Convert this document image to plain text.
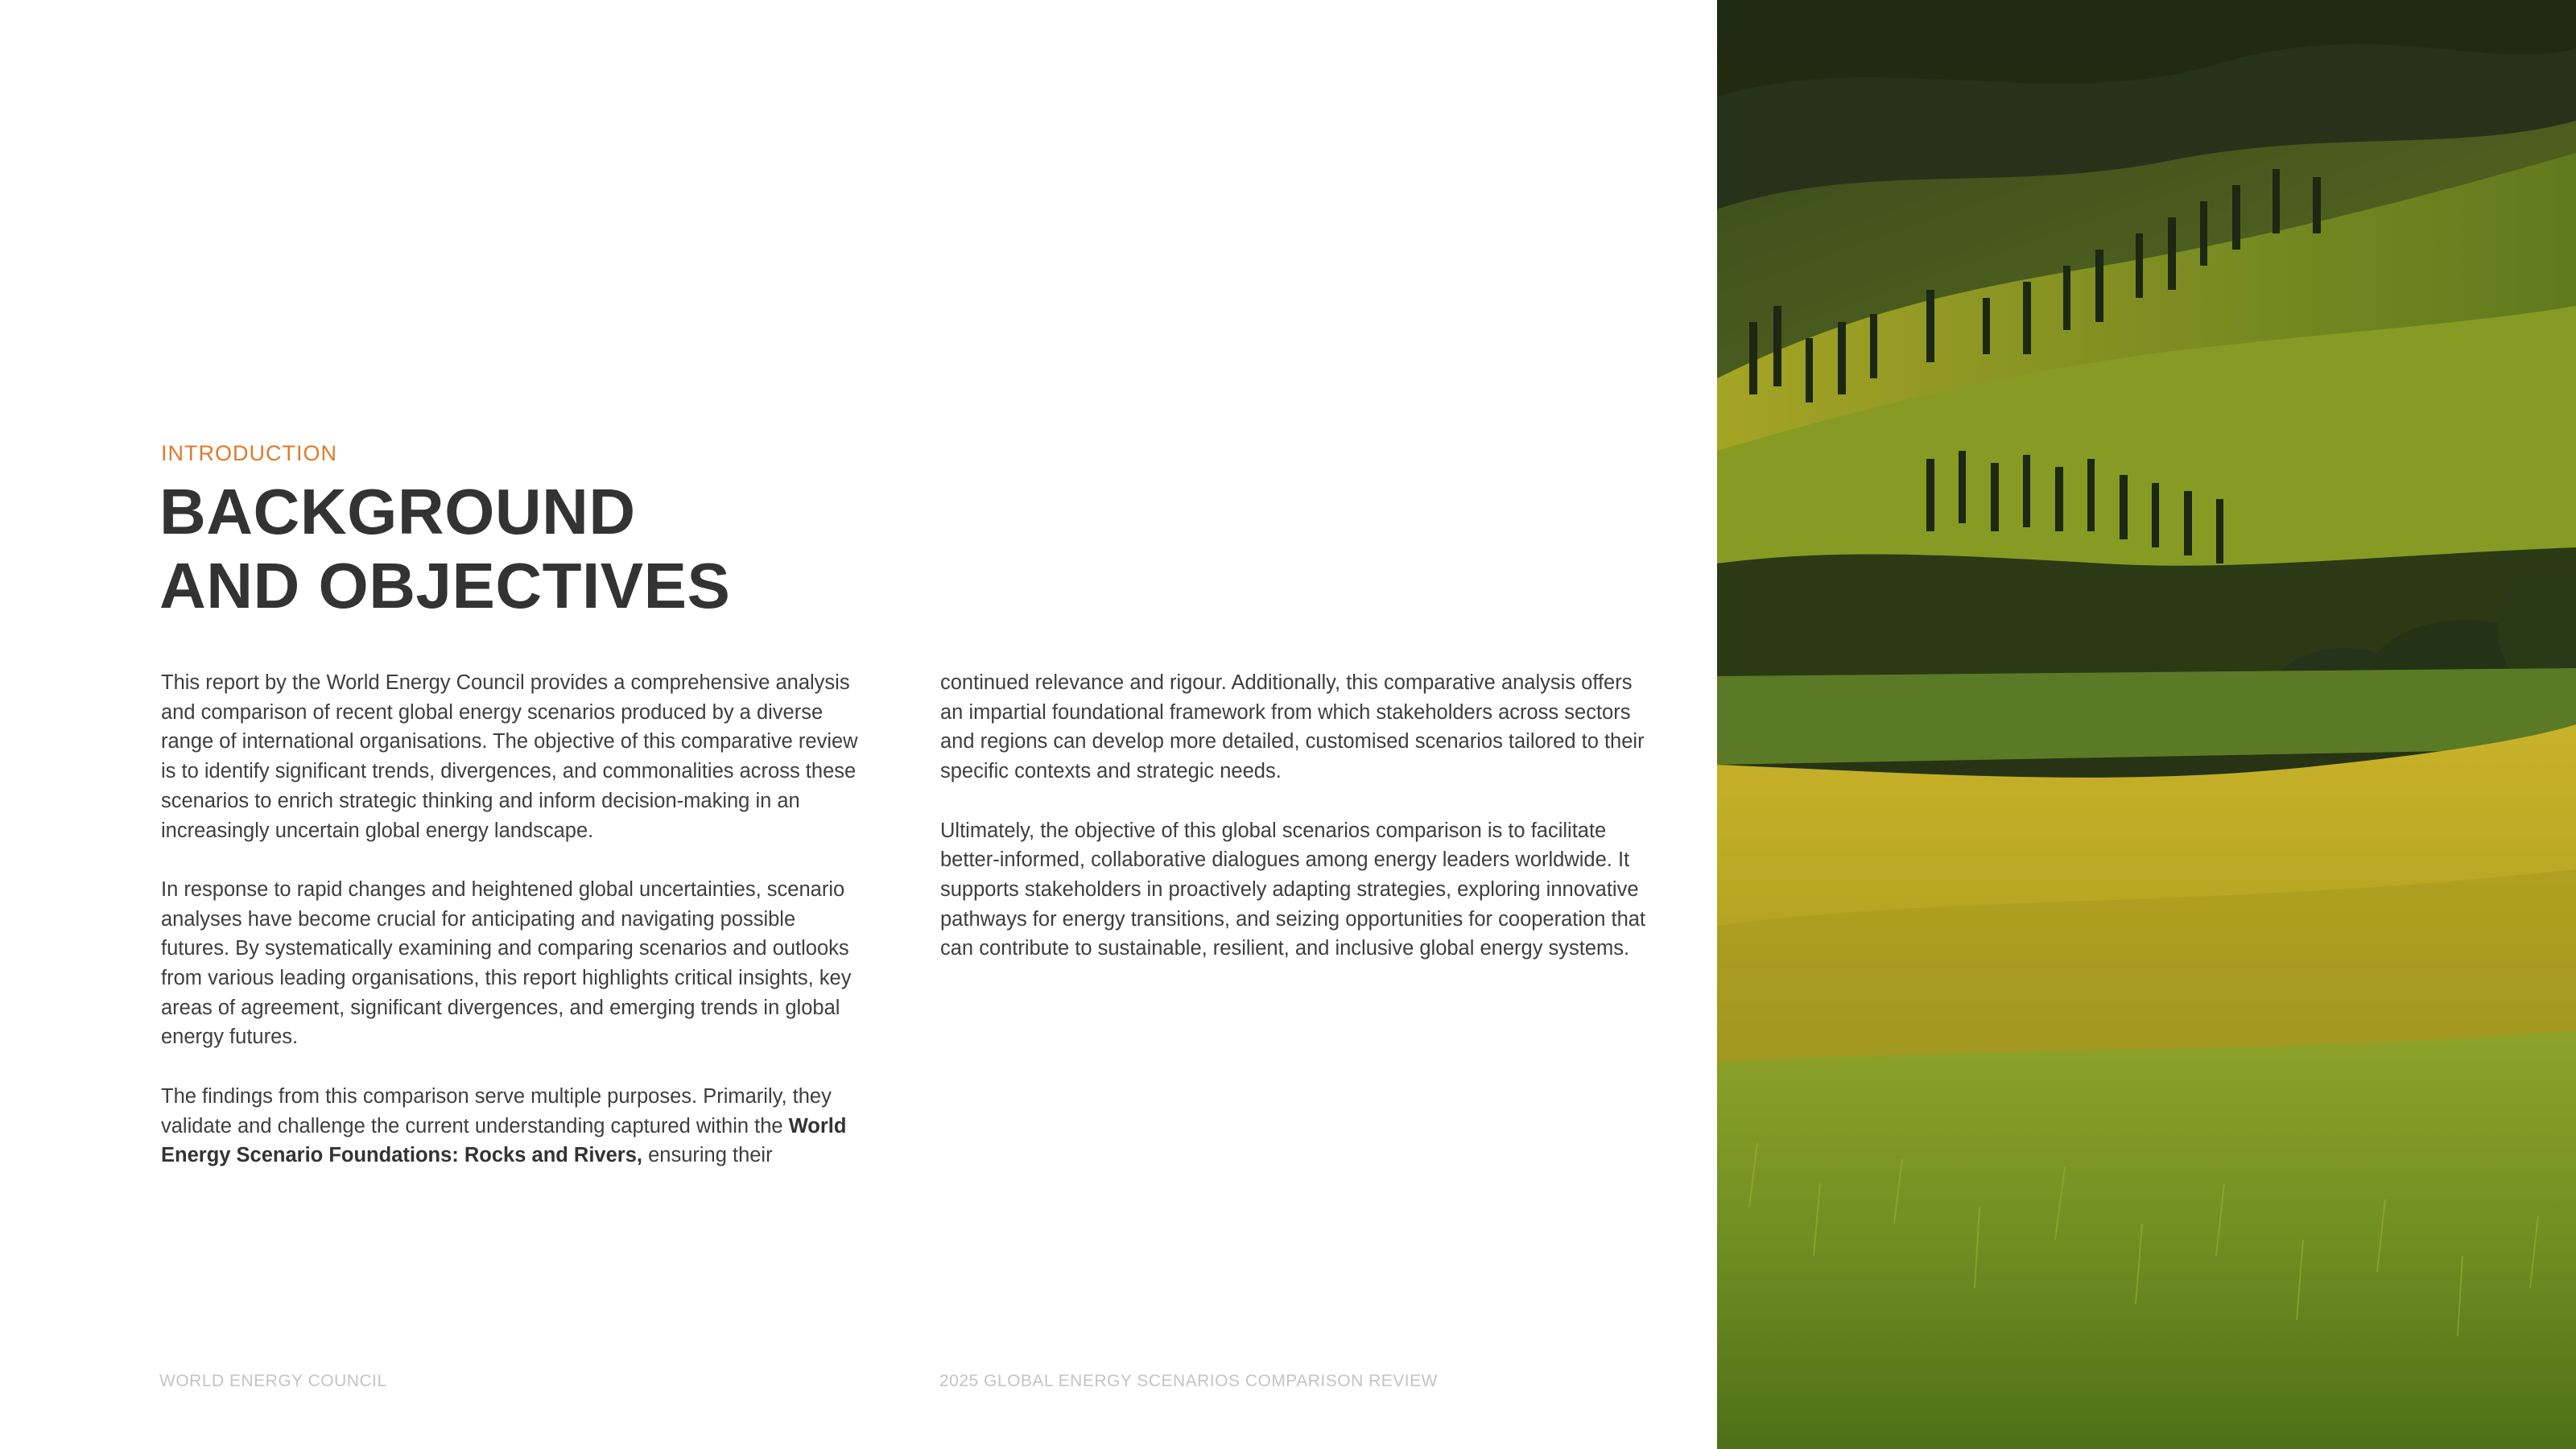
INTRODUCTION
BACKGROUND
AND OBJECTIVES

This report by the World Energy Council provides a comprehensive analysis and comparison of recent global energy scenarios produced by a diverse range of international organisations. The objective of this comparative review is to identify significant trends, divergences, and commonalities across these scenarios to enrich strategic thinking and inform decision-making in an increasingly uncertain global energy landscape.

In response to rapid changes and heightened global uncertainties, scenario analyses have become crucial for anticipating and navigating possible futures. By systematically examining and comparing scenarios and outlooks from various leading organisations, this report highlights critical insights, key areas of agreement, significant divergences, and emerging trends in global energy futures.

The findings from this comparison serve multiple purposes. Primarily, they validate and challenge the current understanding captured within the World Energy Scenario Foundations: Rocks and Rivers, ensuring their

continued relevance and rigour. Additionally, this comparative analysis offers an impartial foundational framework from which stakeholders across sectors and regions can develop more detailed, customised scenarios tailored to their specific contexts and strategic needs.

Ultimately, the objective of this global scenarios comparison is to facilitate better-informed, collaborative dialogues among energy leaders worldwide. It supports stakeholders in proactively adapting strategies, exploring innovative pathways for energy transitions, and seizing opportunities for cooperation that can contribute to sustainable, resilient, and inclusive global energy systems.

WORLD ENERGY COUNCIL	2025 GLOBAL ENERGY SCENARIOS COMPARISON REVIEW
